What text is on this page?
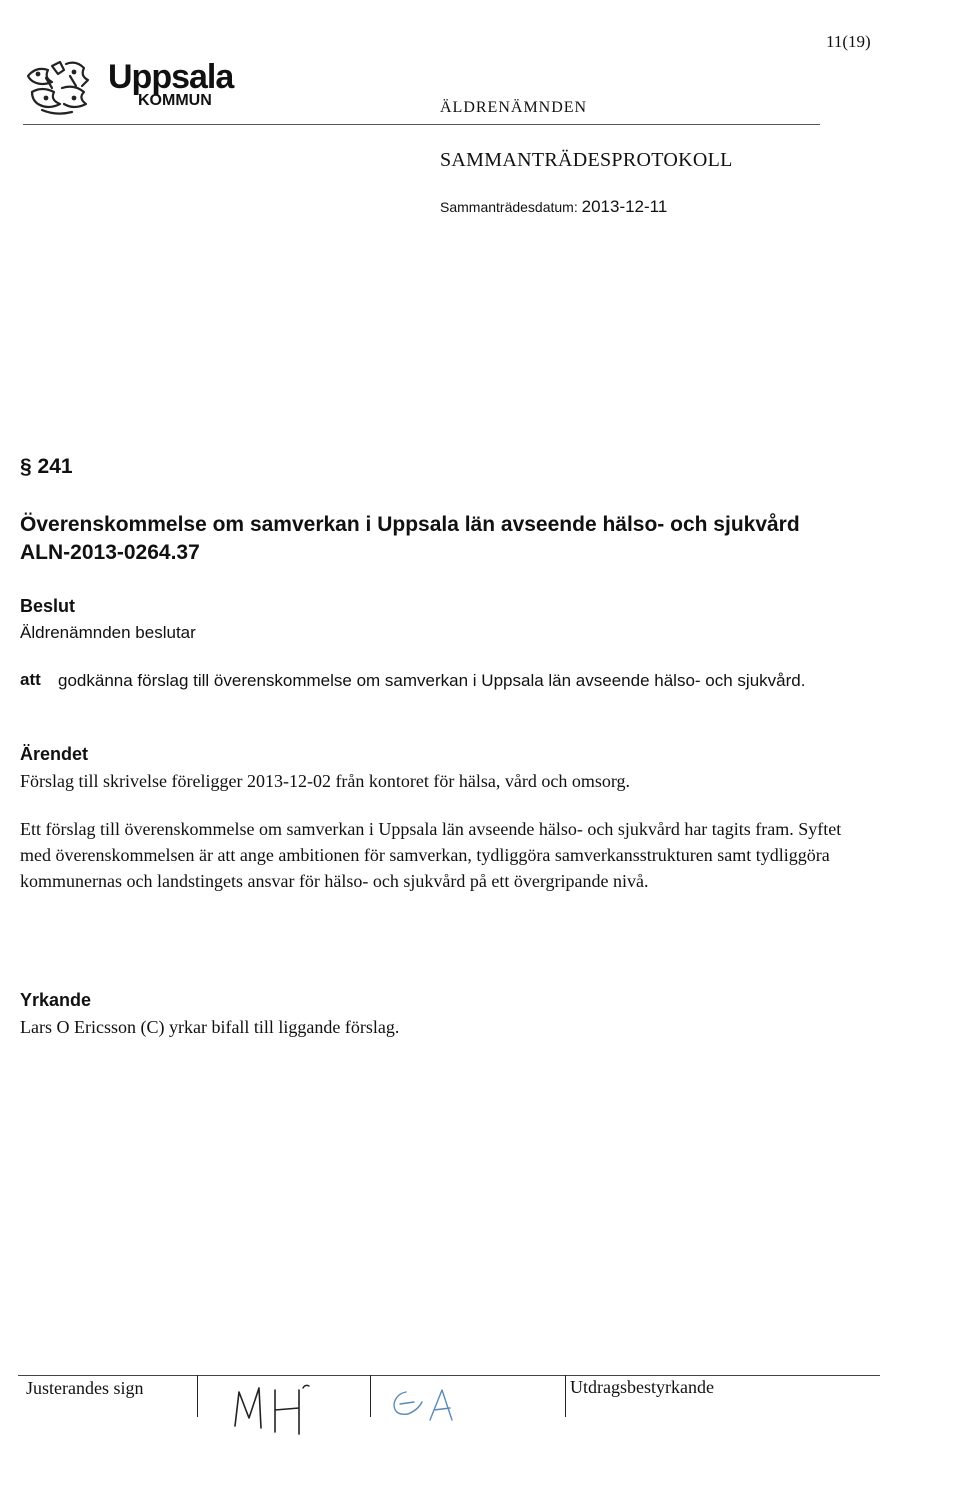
11(19)
Uppsala
KOMMUN	ÄLDRENÄMNDEN
SAMMANTRÄDESPROTOKOLL
Sammanträdesdatum: 2013-12-11
§ 241
Överenskommelse om samverkan i Uppsala län avseende hälso- och sjukvård
ALN-2013-0264.37
Beslut
Äldrenämnden beslutar
att godkänna förslag till överenskommelse om samverkan i Uppsala län avseende hälso- och sjukvård.
Ärendet
Förslag till skrivelse föreligger 2013-12-02 från kontoret för hälsa, vård och omsorg.
Ett förslag till överenskommelse om samverkan i Uppsala län avseende hälso- och sjukvård har tagits fram. Syftet med överenskommelsen är att ange ambitionen för samverkan, tydliggöra samverkansstrukturen samt tydliggöra kommunernas och landstingets ansvar för hälso- och sjukvård på ett övergripande nivå.
Yrkande
Lars O Ericsson (C) yrkar bifall till liggande förslag.
Justerandes sign	Utdragsbestyrkande
